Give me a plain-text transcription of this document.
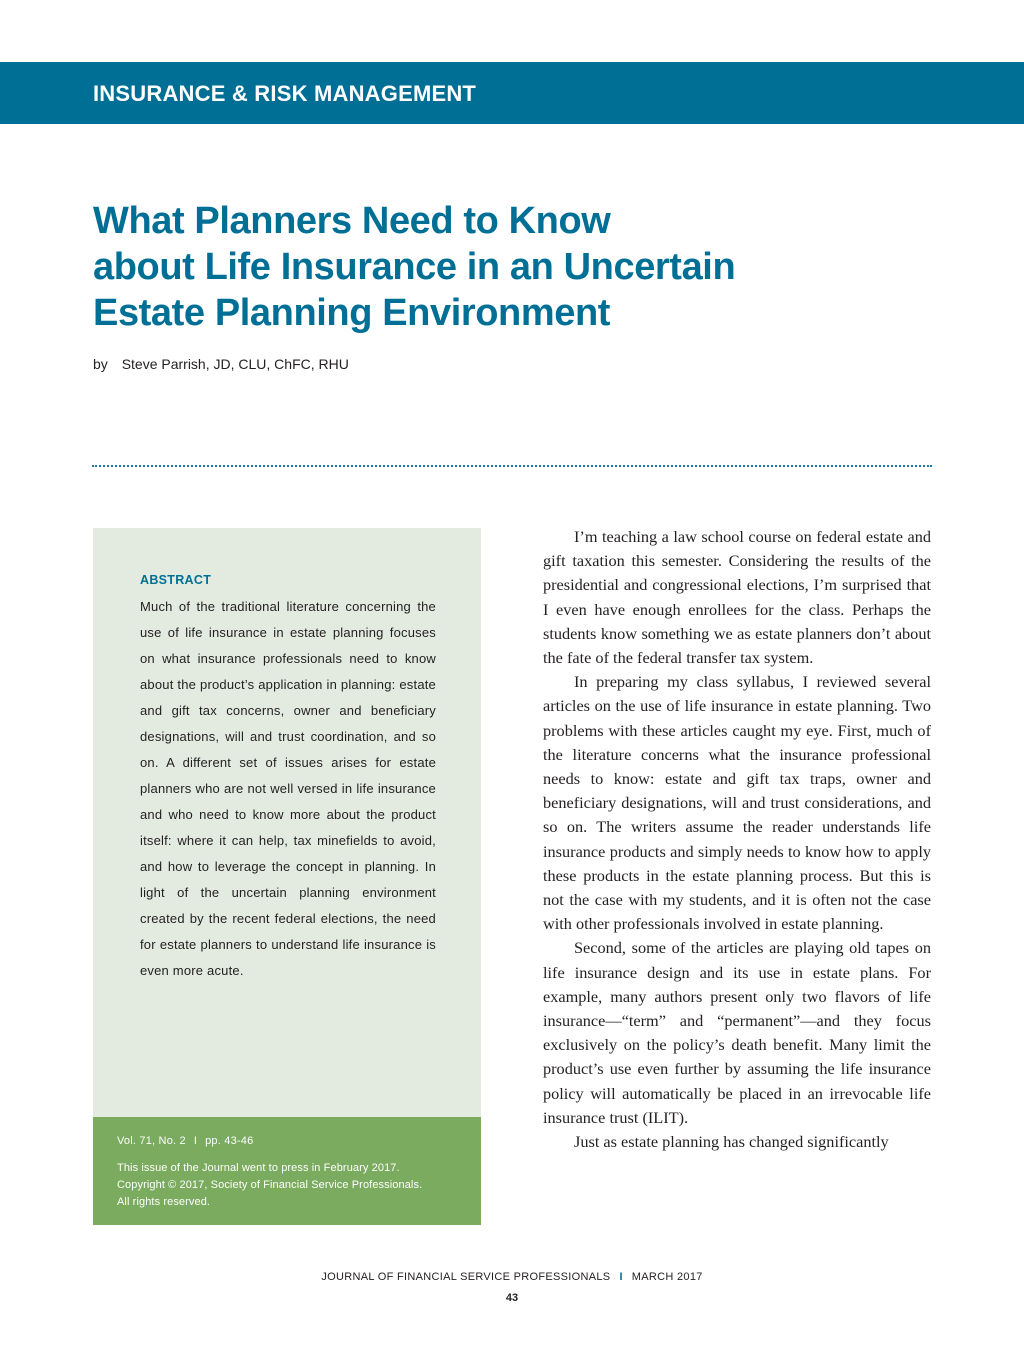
INSURANCE & RISK MANAGEMENT
What Planners Need to Know
about Life Insurance in an Uncertain
Estate Planning Environment
by Steve Parrish, JD, CLU, ChFC, RHU
ABSTRACT

Much of the traditional literature concerning the use of life insurance in estate planning focuses on what insurance professionals need to know about the product’s application in planning: estate and gift tax concerns, owner and beneficiary designations, will and trust coordination, and so on. A different set of issues arises for estate planners who are not well versed in life insurance and who need to know more about the product itself: where it can help, tax minefields to avoid, and how to leverage the concept in planning. In light of the uncertain planning environment created by the recent federal elections, the need for estate planners to understand life insurance is even more acute.

Vol. 71, No. 2 I pp. 43-46
This issue of the Journal went to press in February 2017.
Copyright © 2017, Society of Financial Service Professionals.
All rights reserved.

I’m teaching a law school course on federal estate and gift taxation this semester. Considering the results of the presidential and congressional elections, I’m surprised that I even have enough enrollees for the class. Perhaps the students know something we as estate planners don’t about the fate of the federal transfer tax system.

In preparing my class syllabus, I reviewed several articles on the use of life insurance in estate planning. Two problems with these articles caught my eye. First, much of the literature concerns what the insurance professional needs to know: estate and gift tax traps, owner and beneficiary designations, will and trust considerations, and so on. The writers assume the reader understands life insurance products and simply needs to know how to apply these products in the estate planning process. But this is not the case with my students, and it is often not the case with other professionals involved in estate planning.

Second, some of the articles are playing old tapes on life insurance design and its use in estate plans. For example, many authors present only two flavors of life insurance—“term” and “permanent”—and they focus exclusively on the policy’s death benefit. Many limit the product’s use even further by assuming the life insurance policy will automatically be placed in an irrevocable life insurance trust (ILIT).

Just as estate planning has changed significantly

JOURNAL OF FINANCIAL SERVICE PROFESSIONALS I MARCH 2017
43
